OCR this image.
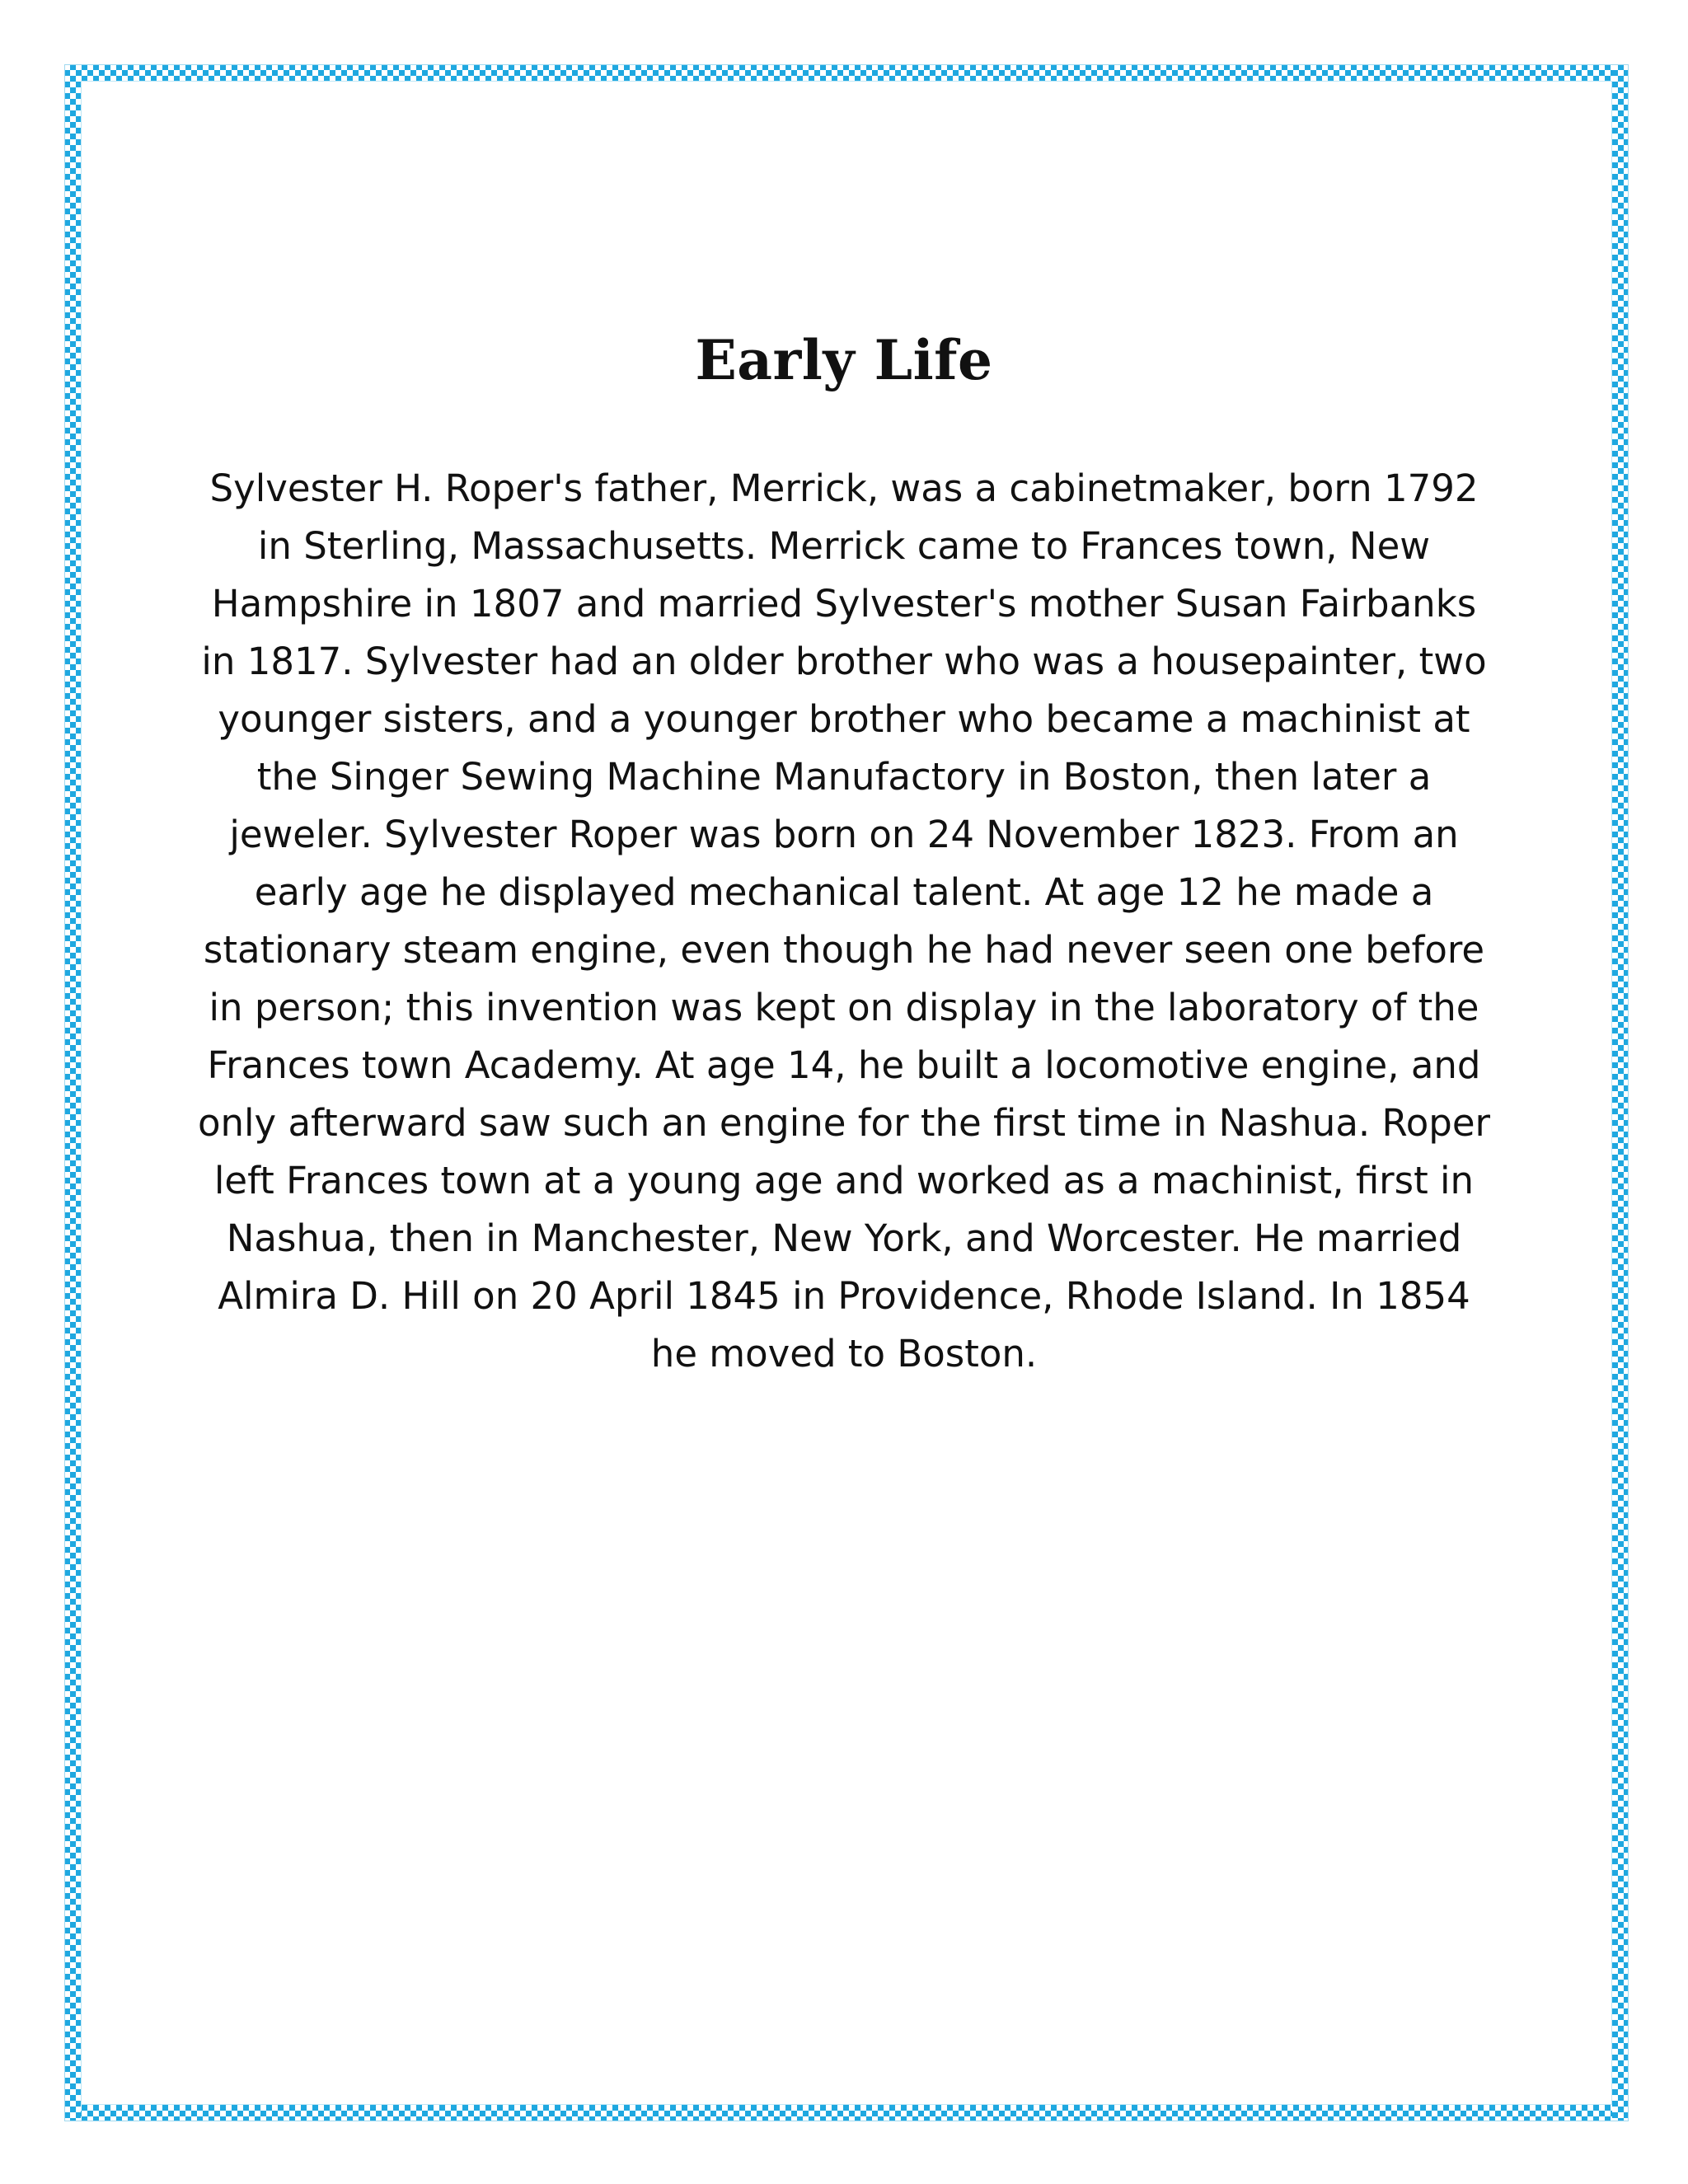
Early Life

Sylvester H. Roper's father, Merrick, was a cabinetmaker, born 1792 in Sterling, Massachusetts. Merrick came to Frances town, New Hampshire in 1807 and married Sylvester's mother Susan Fairbanks in 1817. Sylvester had an older brother who was a housepainter, two younger sisters, and a younger brother who became a machinist at the Singer Sewing Machine Manufactory in Boston, then later a jeweler. Sylvester Roper was born on 24 November 1823. From an early age he displayed mechanical talent. At age 12 he made a stationary steam engine, even though he had never seen one before in person; this invention was kept on display in the laboratory of the Frances town Academy. At age 14, he built a locomotive engine, and only afterward saw such an engine for the first time in Nashua. Roper left Frances town at a young age and worked as a machinist, first in Nashua, then in Manchester, New York, and Worcester. He married Almira D. Hill on 20 April 1845 in Providence, Rhode Island. In 1854 he moved to Boston.
